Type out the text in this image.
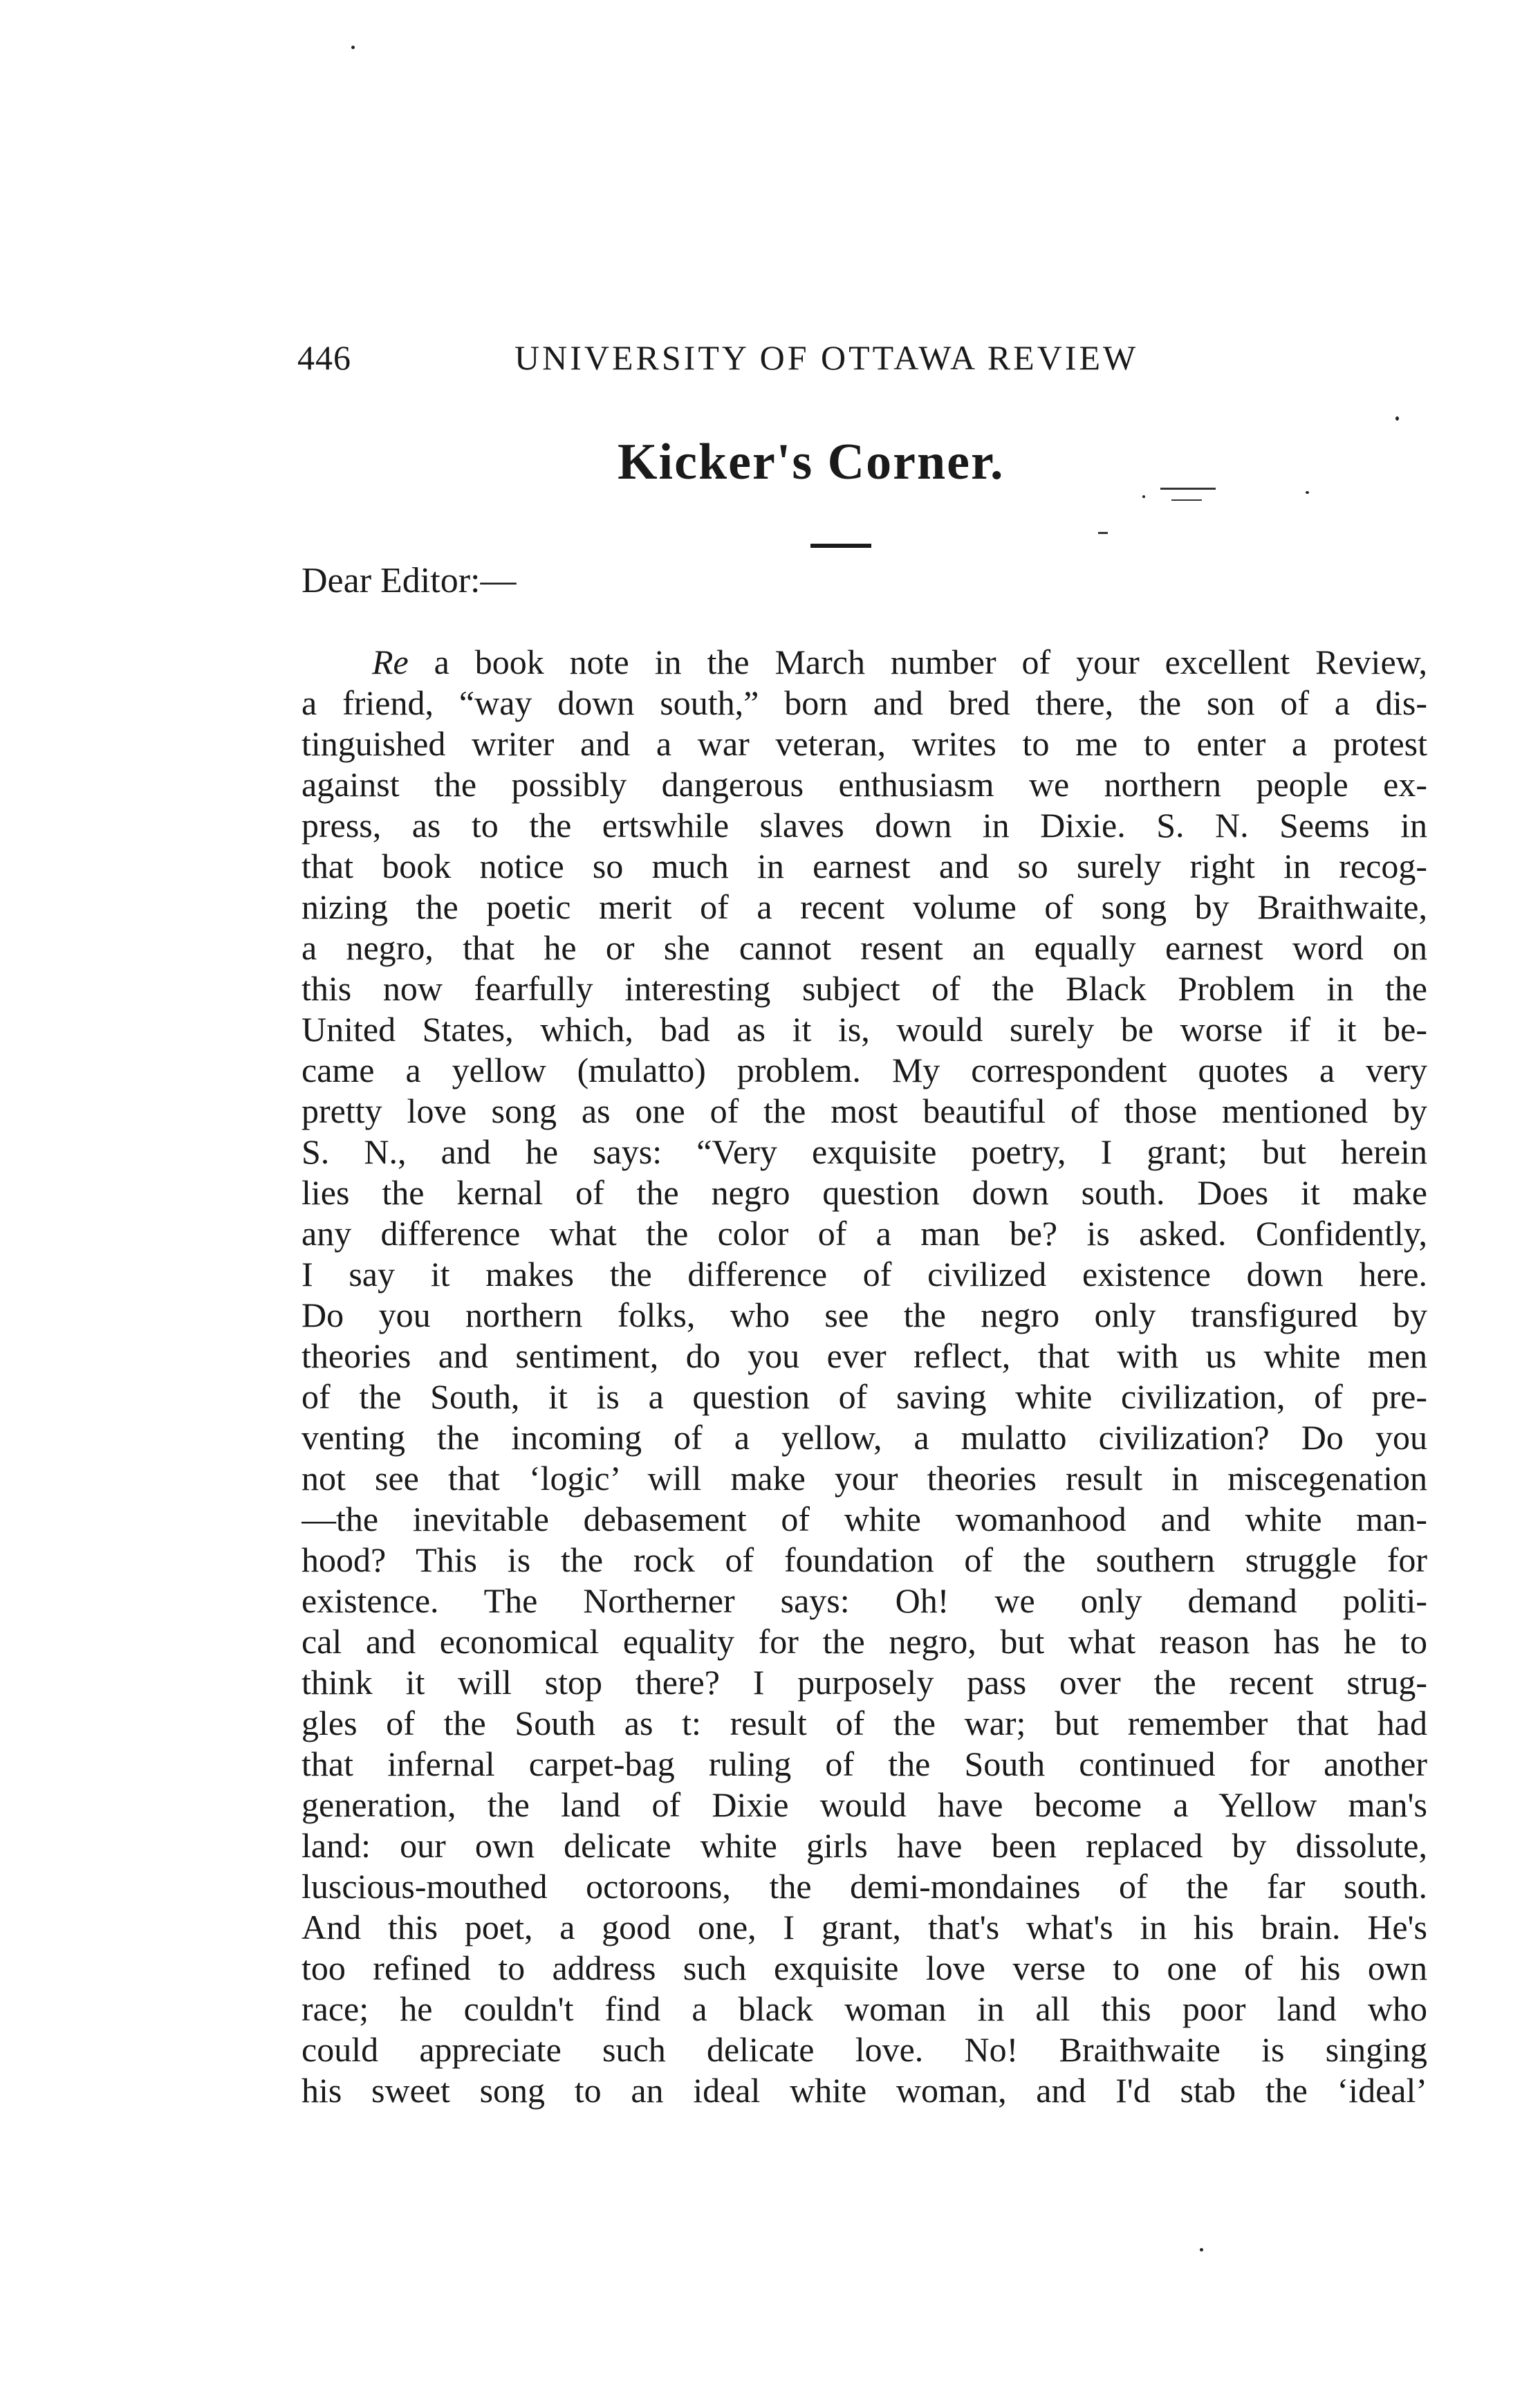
446	UNIVERSITY OF OTTAWA REVIEW
Kicker's Corner.
Dear Editor:—
Re a book note in the March number of your excellent Review,
a friend, “way down south,” born and bred there, the son of a dis-
tinguished writer and a war veteran, writes to me to enter a protest
against the possibly dangerous enthusiasm we northern people ex-
press, as to the ertswhile slaves down in Dixie. S. N. Seems in
that book notice so much in earnest and so surely right in recog-
nizing the poetic merit of a recent volume of song by Braithwaite,
a negro, that he or she cannot resent an equally earnest word on
this now fearfully interesting subject of the Black Problem in the
United States, which, bad as it is, would surely be worse if it be-
came a yellow (mulatto) problem. My correspondent quotes a very
pretty love song as one of the most beautiful of those mentioned by
S. N., and he says: “Very exquisite poetry, I grant; but herein
lies the kernal of the negro question down south. Does it make
any difference what the color of a man be? is asked. Confidently,
I say it makes the difference of civilized existence down here.
Do you northern folks, who see the negro only transfigured by
theories and sentiment, do you ever reflect, that with us white men
of the South, it is a question of saving white civilization, of pre-
venting the incoming of a yellow, a mulatto civilization? Do you
not see that ‘logic’ will make your theories result in miscegenation
—the inevitable debasement of white womanhood and white man-
hood? This is the rock of foundation of the southern struggle for
existence. The Northerner says: Oh! we only demand politi-
cal and economical equality for the negro, but what reason has he to
think it will stop there? I purposely pass over the recent strug-
gles of the South as t: result of the war; but remember that had
that infernal carpet-bag ruling of the South continued for another
generation, the land of Dixie would have become a Yellow man's
land: our own delicate white girls have been replaced by dissolute,
luscious-mouthed octoroons, the demi-mondaines of the far south.
And this poet, a good one, I grant, that's what's in his brain. He's
too refined to address such exquisite love verse to one of his own
race; he couldn't find a black woman in all this poor land who
could appreciate such delicate love. No! Braithwaite is singing
his sweet song to an ideal white woman, and I'd stab the ‘ideal’
